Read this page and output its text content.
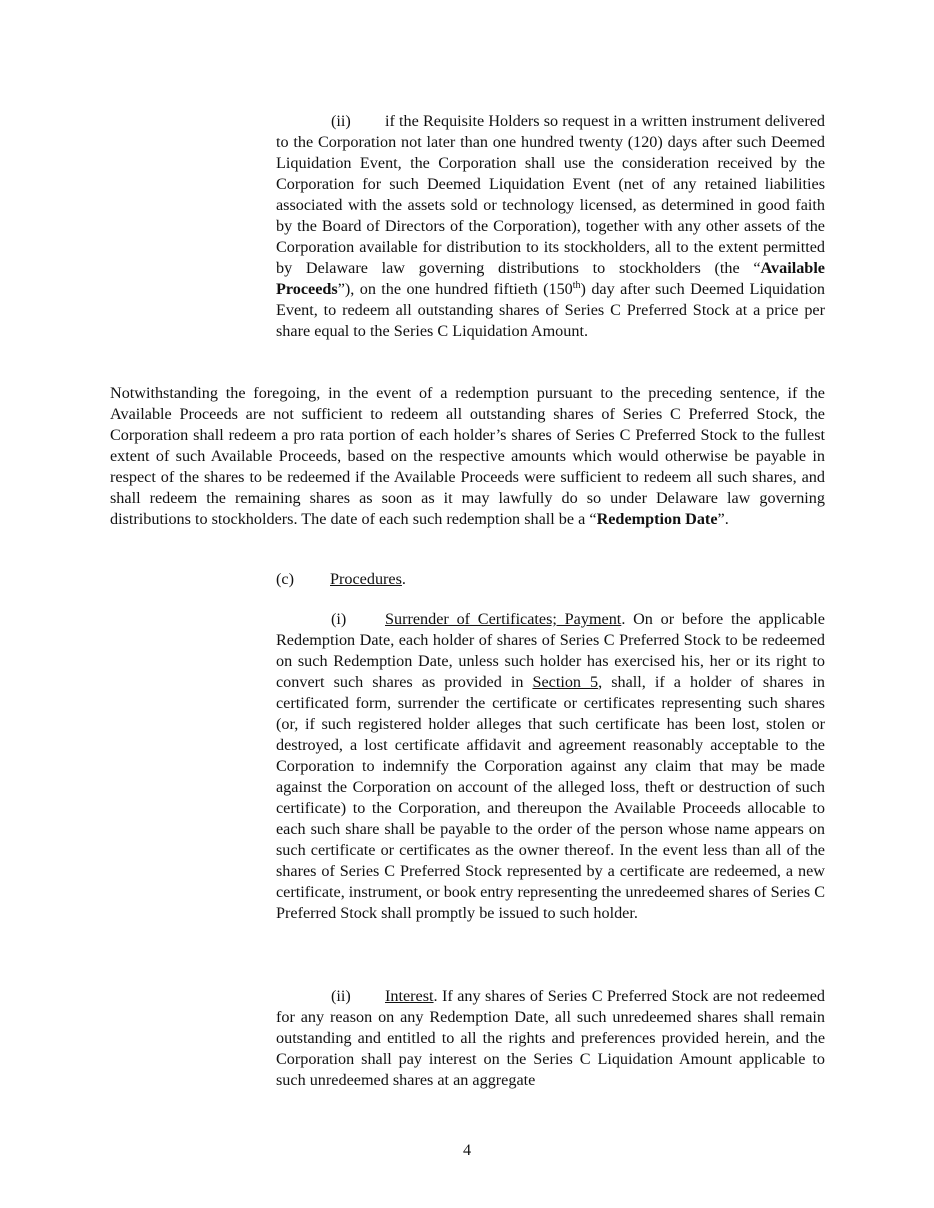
(ii) if the Requisite Holders so request in a written instrument delivered to the Corporation not later than one hundred twenty (120) days after such Deemed Liquidation Event, the Corporation shall use the consideration received by the Corporation for such Deemed Liquidation Event (net of any retained liabilities associated with the assets sold or technology licensed, as determined in good faith by the Board of Directors of the Corporation), together with any other assets of the Corporation available for distribution to its stockholders, all to the extent permitted by Delaware law governing distributions to stockholders (the “Available Proceeds”), on the one hundred fiftieth (150th) day after such Deemed Liquidation Event, to redeem all outstanding shares of Series C Preferred Stock at a price per share equal to the Series C Liquidation Amount.
Notwithstanding the foregoing, in the event of a redemption pursuant to the preceding sentence, if the Available Proceeds are not sufficient to redeem all outstanding shares of Series C Preferred Stock, the Corporation shall redeem a pro rata portion of each holder’s shares of Series C Preferred Stock to the fullest extent of such Available Proceeds, based on the respective amounts which would otherwise be payable in respect of the shares to be redeemed if the Available Proceeds were sufficient to redeem all such shares, and shall redeem the remaining shares as soon as it may lawfully do so under Delaware law governing distributions to stockholders. The date of each such redemption shall be a “Redemption Date”.
(c) Procedures.
(i) Surrender of Certificates; Payment. On or before the applicable Redemption Date, each holder of shares of Series C Preferred Stock to be redeemed on such Redemption Date, unless such holder has exercised his, her or its right to convert such shares as provided in Section 5, shall, if a holder of shares in certificated form, surrender the certificate or certificates representing such shares (or, if such registered holder alleges that such certificate has been lost, stolen or destroyed, a lost certificate affidavit and agreement reasonably acceptable to the Corporation to indemnify the Corporation against any claim that may be made against the Corporation on account of the alleged loss, theft or destruction of such certificate) to the Corporation, and thereupon the Available Proceeds allocable to each such share shall be payable to the order of the person whose name appears on such certificate or certificates as the owner thereof. In the event less than all of the shares of Series C Preferred Stock represented by a certificate are redeemed, a new certificate, instrument, or book entry representing the unredeemed shares of Series C Preferred Stock shall promptly be issued to such holder.
(ii) Interest. If any shares of Series C Preferred Stock are not redeemed for any reason on any Redemption Date, all such unredeemed shares shall remain outstanding and entitled to all the rights and preferences provided herein, and the Corporation shall pay interest on the Series C Liquidation Amount applicable to such unredeemed shares at an aggregate
4
